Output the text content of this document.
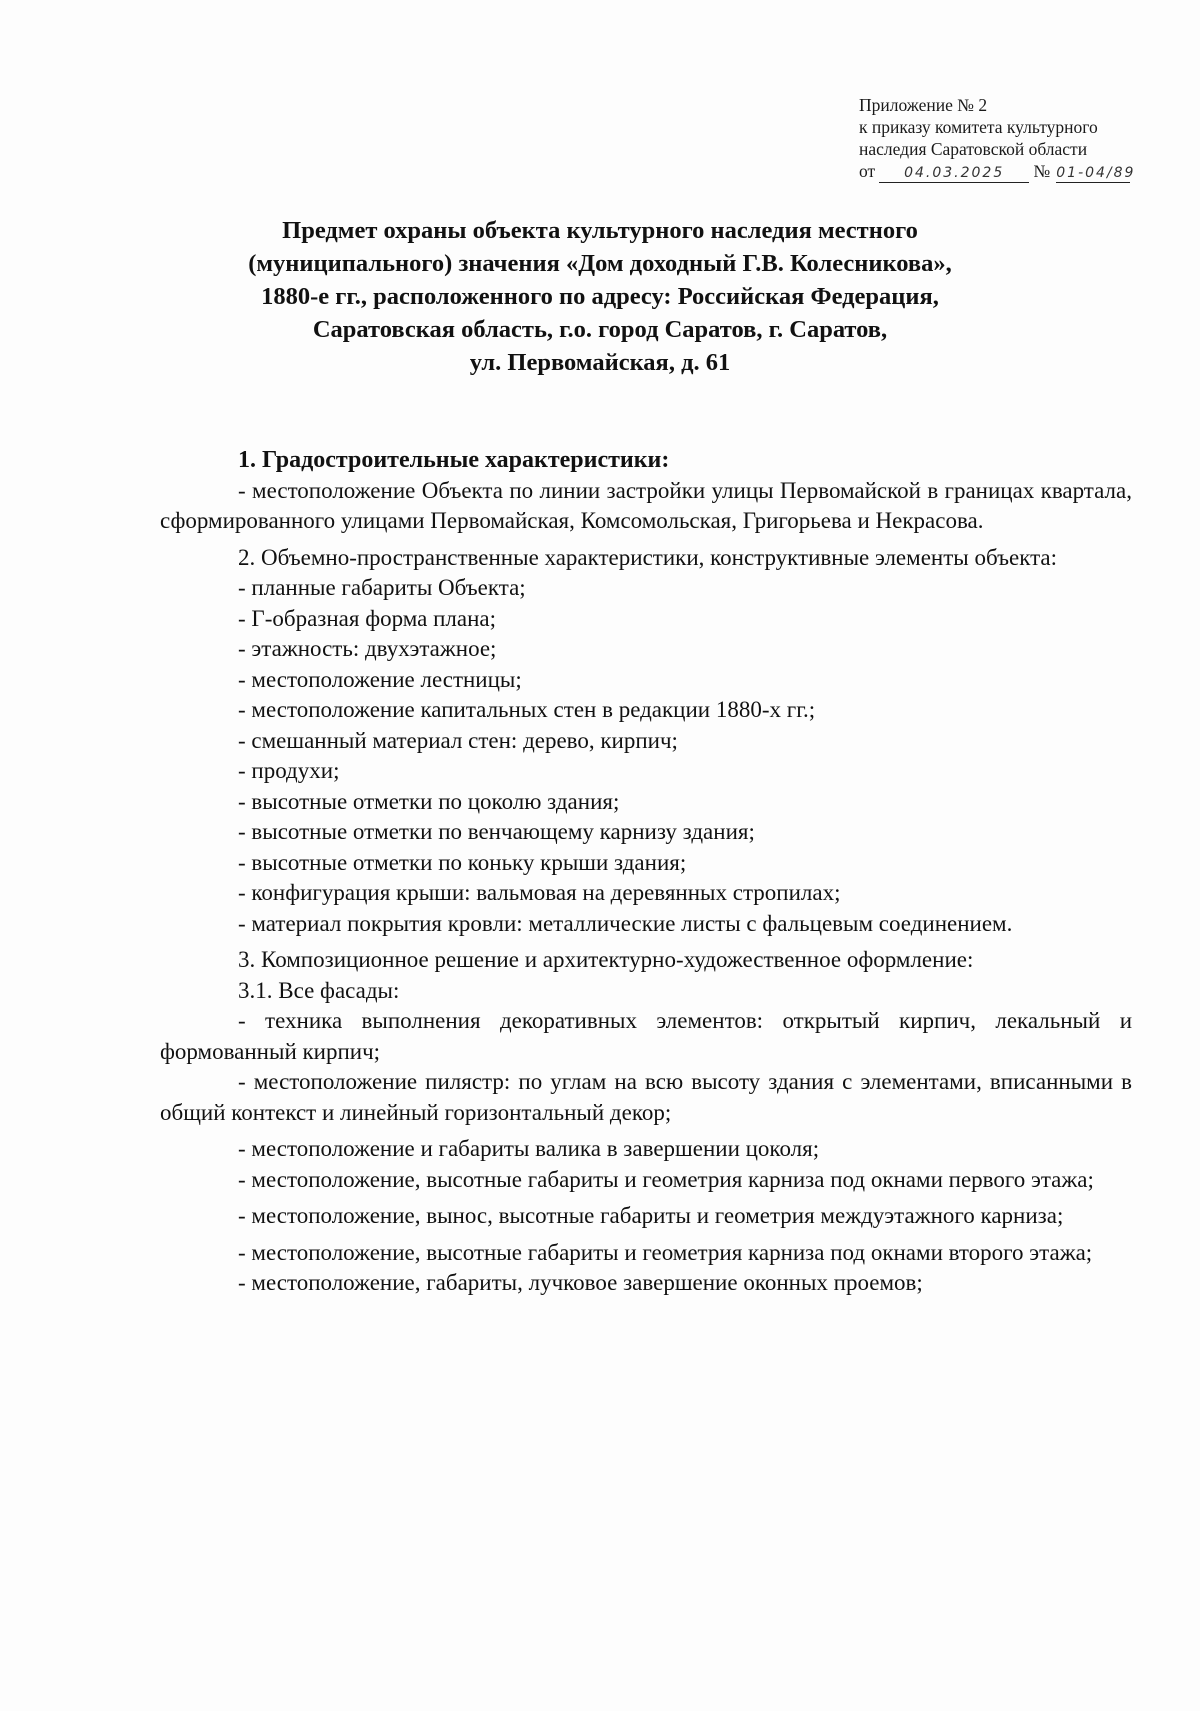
Приложение № 2
к приказу комитета культурного
наследия Саратовской области
от 04.03.2025 № 01-04/89
Предмет охраны объекта культурного наследия местного
(муниципального) значения «Дом доходный Г.В. Колесникова»,
1880-е гг., расположенного по адресу: Российская Федерация,
Саратовская область, г.о. город Саратов, г. Саратов,
ул. Первомайская, д. 61

1. Градостроительные характеристики:

- местоположение Объекта по линии застройки улицы Первомайской в границах квартала, сформированного улицами Первомайская, Комсомольская, Григорьева и Некрасова.

2. Объемно-пространственные характеристики, конструктивные элементы объекта:

- планные габариты Объекта;

- Г-образная форма плана;

- этажность: двухэтажное;

- местоположение лестницы;

- местоположение капитальных стен в редакции 1880-х гг.;

- смешанный материал стен: дерево, кирпич;

- продухи;

- высотные отметки по цоколю здания;

- высотные отметки по венчающему карнизу здания;

- высотные отметки по коньку крыши здания;

- конфигурация крыши: вальмовая на деревянных стропилах;

- материал покрытия кровли: металлические листы с фальцевым соединением.

3. Композиционное решение и архитектурно-художественное оформление:

3.1. Все фасады:

- техника выполнения декоративных элементов: открытый кирпич, лекальный и формованный кирпич;

- местоположение пилястр: по углам на всю высоту здания с элементами, вписанными в общий контекст и линейный горизонтальный декор;

- местоположение и габариты валика в завершении цоколя;

- местоположение, высотные габариты и геометрия карниза под окнами первого этажа;

- местоположение, вынос, высотные габариты и геометрия междуэтажного карниза;

- местоположение, высотные габариты и геометрия карниза под окнами второго этажа;

- местоположение, габариты, лучковое завершение оконных проемов;
